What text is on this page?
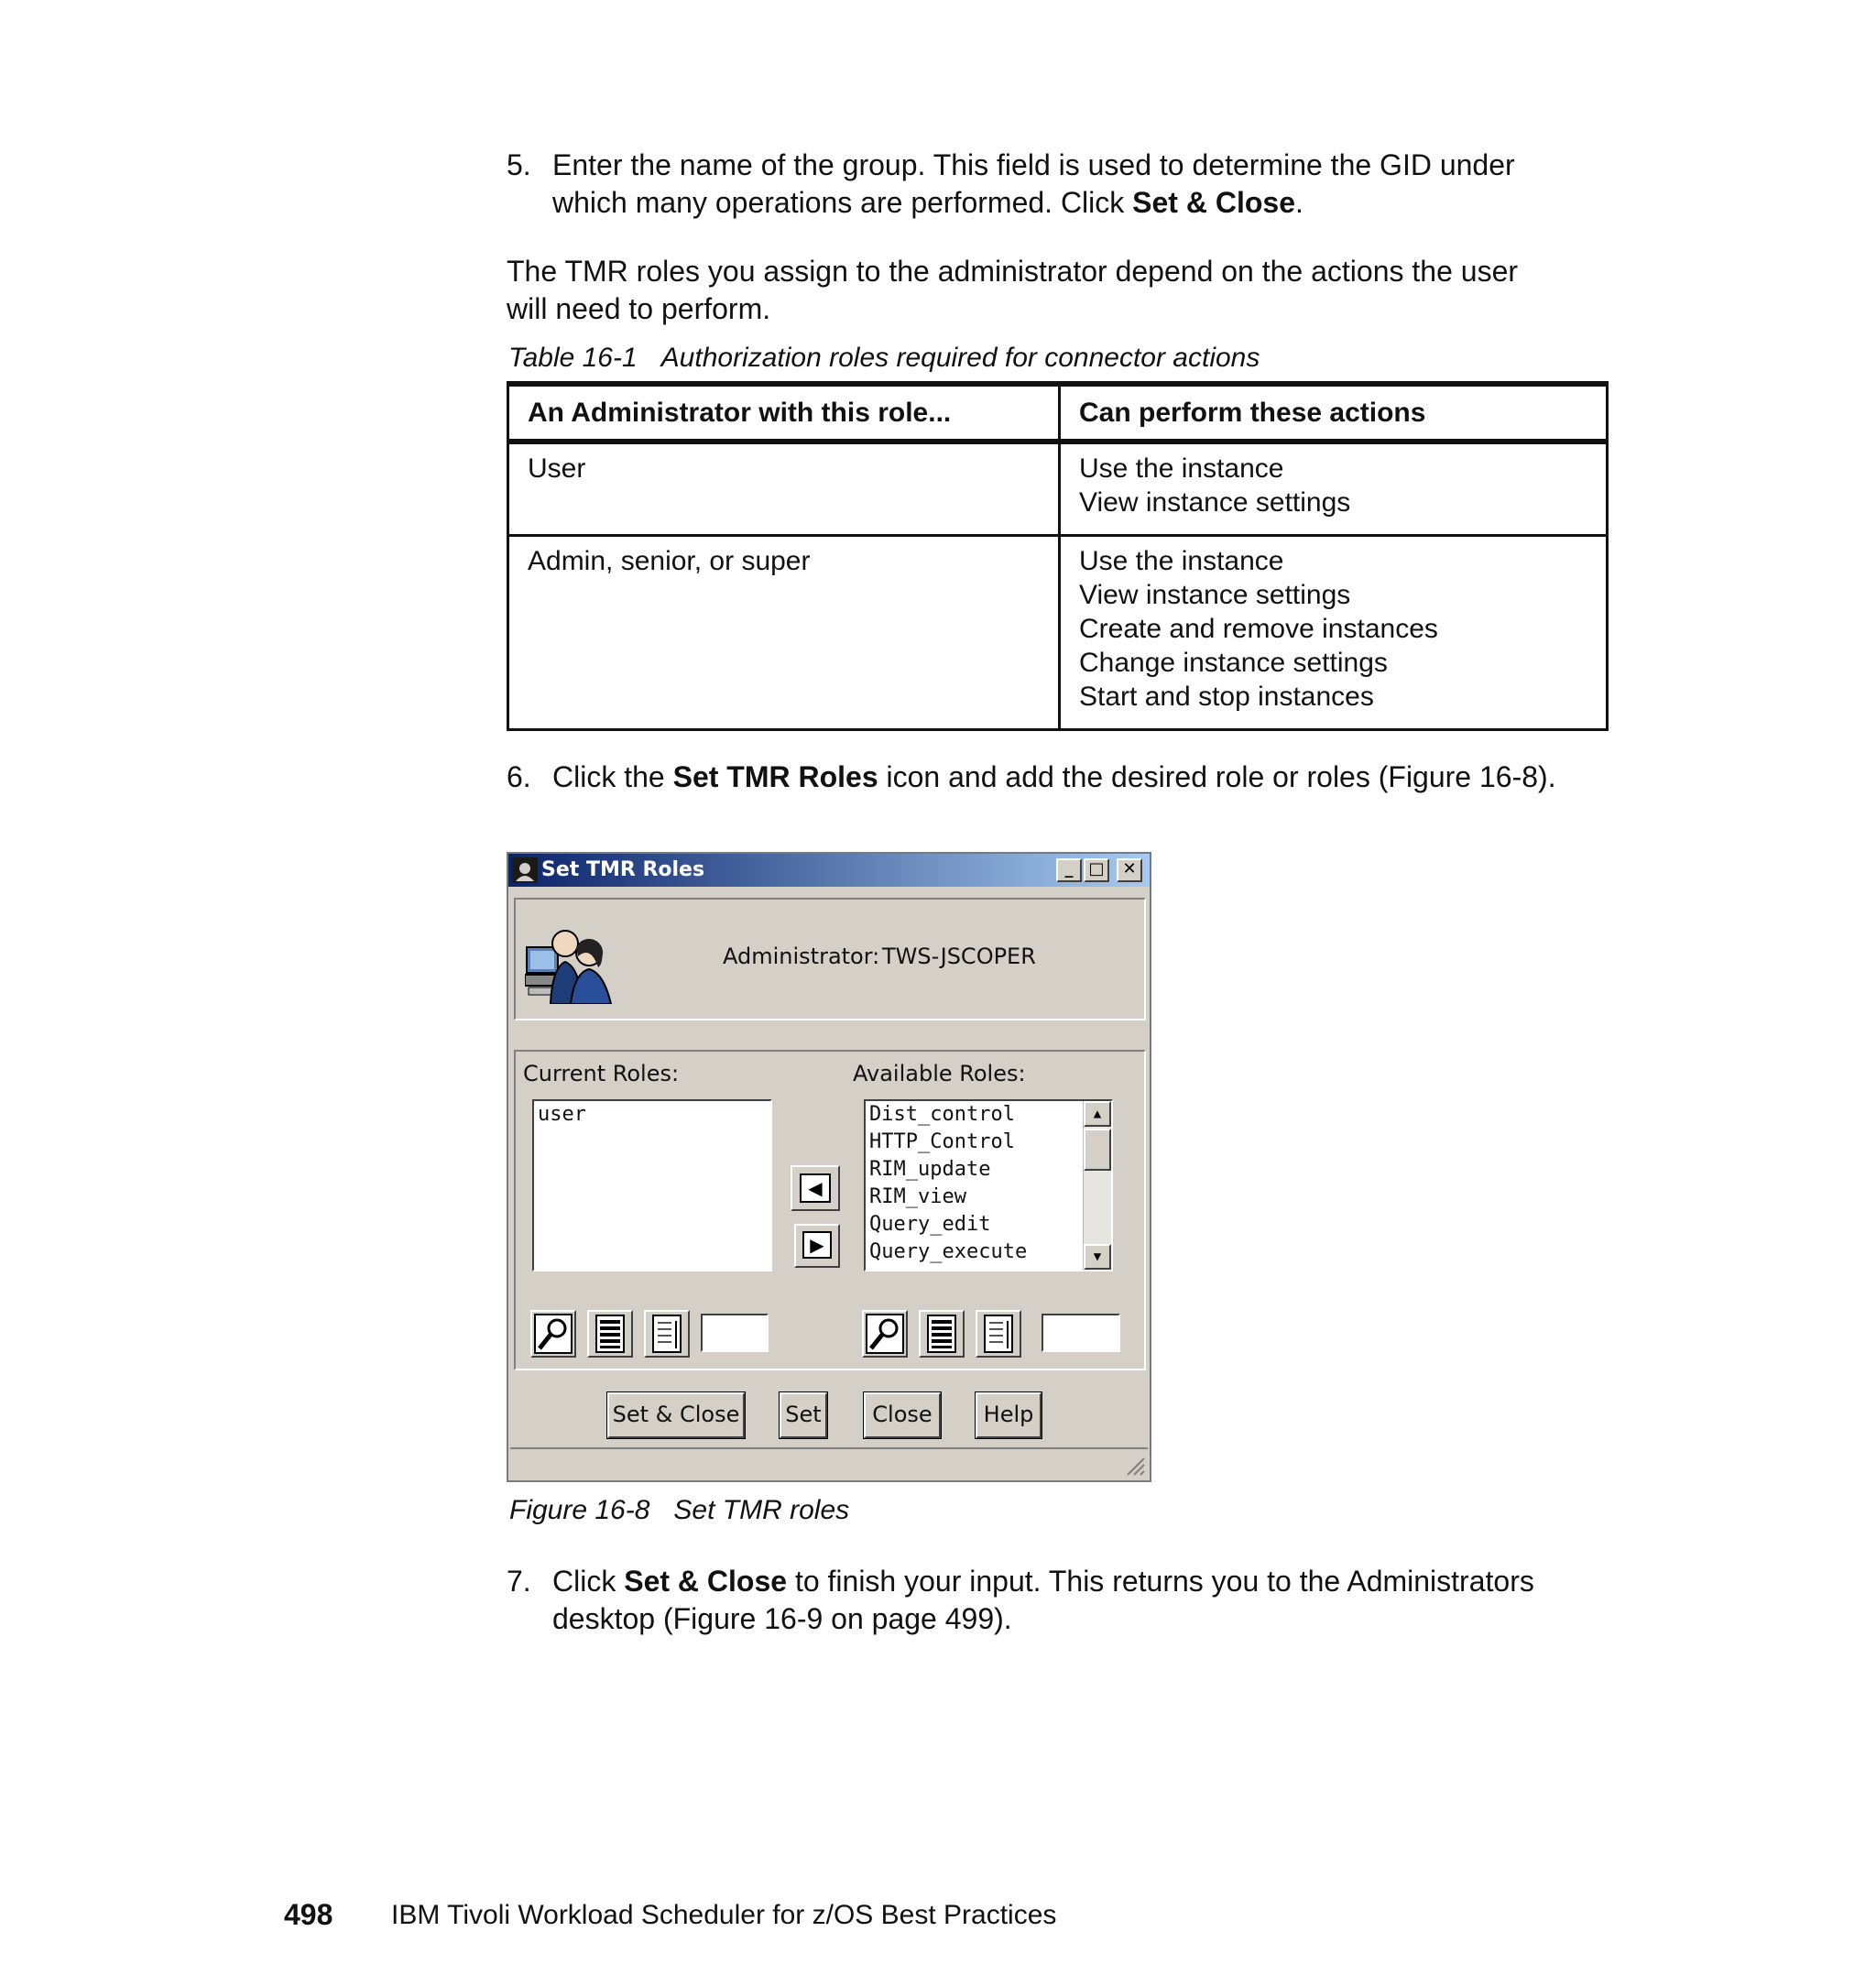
5. Enter the name of the group. This field is used to determine the GID under
which many operations are performed. Click Set & Close.
The TMR roles you assign to the administrator depend on the actions the user
will need to perform.
Table 16-1 Authorization roles required for connector actions
An Administrator with this role...	Can perform these actions
User	Use the instance
View instance settings

Admin, senior, or super	Use the instance
View instance settings
Create and remove instances
Change instance settings
Start and stop instances
6. Click the Set TMR Roles icon and add the desired role or roles (Figure 16-8).
Set TMR Roles	_ □	✕
Administrator: TWS-JSCOPER
Current Roles:	Available Roles:
user
◀
▶
Dist_control
HTTP_Control
RIM_update
RIM_view
Query_edit
Query_execute
▲
▼
Set & Close Set	Close	Help
Figure 16-8 Set TMR roles
7. Click Set & Close to finish your input. This returns you to the Administrators
desktop (Figure 16-9 on page 499).
498 IBM Tivoli Workload Scheduler for z/OS Best Practices
